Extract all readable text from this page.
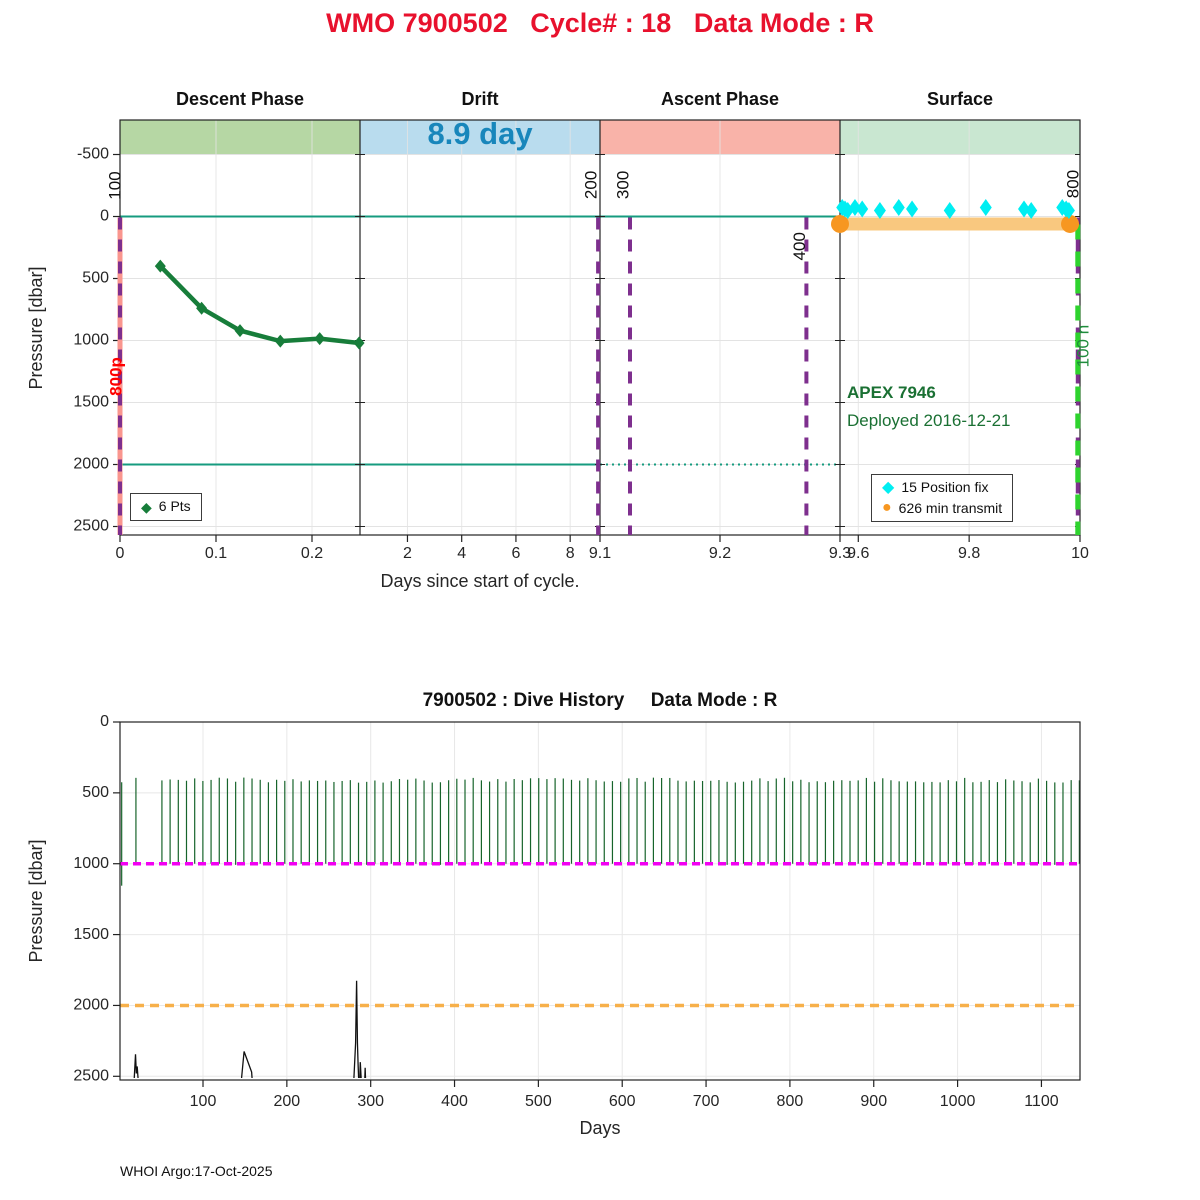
-500
0
500
1000
1500
2000
2500
0	0.1	0.2	2	4	6	8 9.1	9.2	9.3
9.6	9.8	10
Days since start of cycle.
Pressure [dbar]
100	200 300
400
800
800p
100 n
0
500
1000
1500
2000
2500
100	200	300	400	500	600	700	800	900	1000	1100
Days
Pressure [dbar]
WMO 7900502   Cycle# : 18   Data Mode : R
Descent Phase	Drift	Ascent Phase	Surface
8.9 day
APEX 7946
Deployed 2016-12-21
◆ 6 Pts
◆ 15 Position fix
● 626 min transmit
7900502 : Dive History     Data Mode : R
WHOI Argo:17-Oct-2025
